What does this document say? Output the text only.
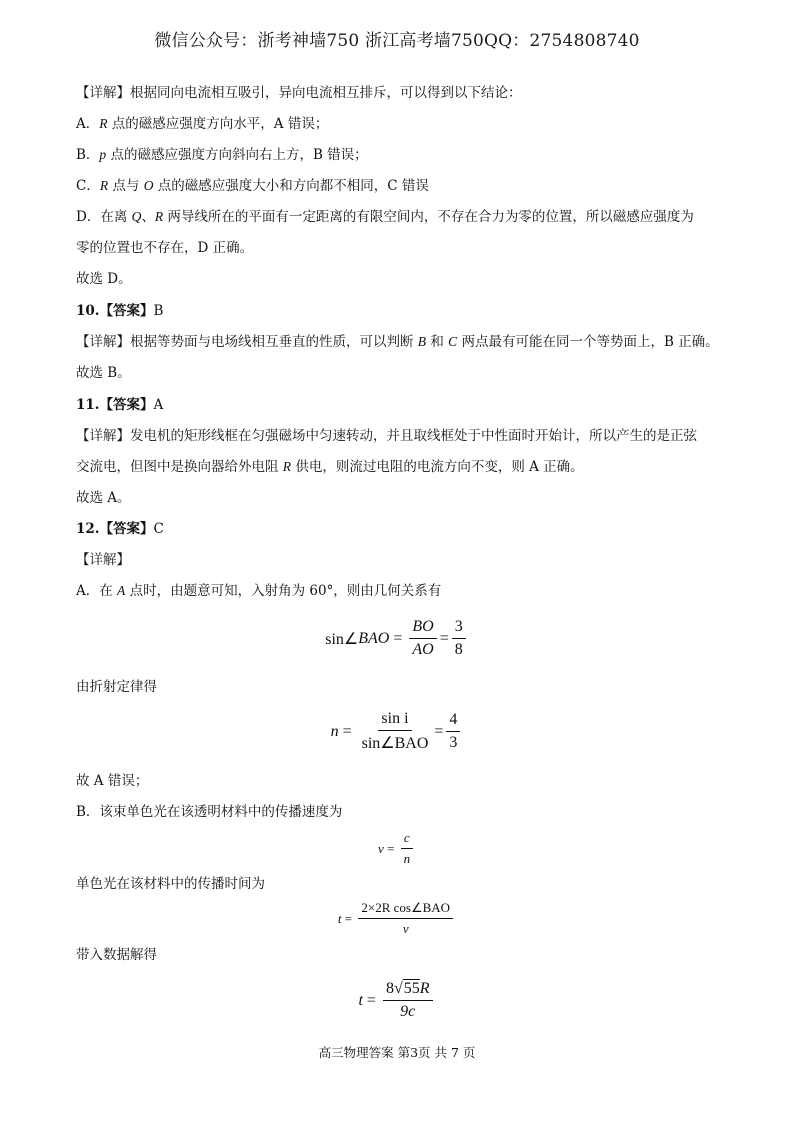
微信公众号：浙考神墙750 浙江高考墙750QQ：2754808740
【详解】根据同向电流相互吸引，异向电流相互排斥，可以得到以下结论：
A．R 点的磁感应强度方向水平，A 错误；
B．p 点的磁感应强度方向斜向右上方，B 错误；
C．R 点与 O 点的磁感应强度大小和方向都不相同，C 错误
D．在离 Q、R 两导线所在的平面有一定距离的有限空间内，不存在合力为零的位置，所以磁感应强度为
零的位置也不存在，D 正确。
故选 D。
10.【答案】B
【详解】根据等势面与电场线相互垂直的性质，可以判断 B 和 C 两点最有可能在同一个等势面上，B 正确。
故选 B。
11.【答案】A
【详解】发电机的矩形线框在匀强磁场中匀速转动，并且取线框处于中性面时开始计，所以产生的是正弦
交流电，但图中是换向器给外电阻 R 供电，则流过电阻的电流方向不变，则 A 正确。
故选 A。
12.【答案】C
【详解】
A．在 A 点时，由题意可知，入射角为 60°，则由几何关系有
sin∠ BAO = $\frac{BO}{AO} = \frac{3}{8}$
由折射定律得
$n = \frac{\text{sin i}}{\text{sin∠BAO}} = \frac{4}{3}$
故 A 错误；
B．该束单色光在该透明材料中的传播速度为
$v = \frac{c}{n}$
单色光在该材料中的传播时间为
$t = \frac{\text{2×2R cos∠BAO}}{v}$
带入数据解得
$t = \frac{8√55R}{9c}$
高三物理答案 第3页 共 7 页
